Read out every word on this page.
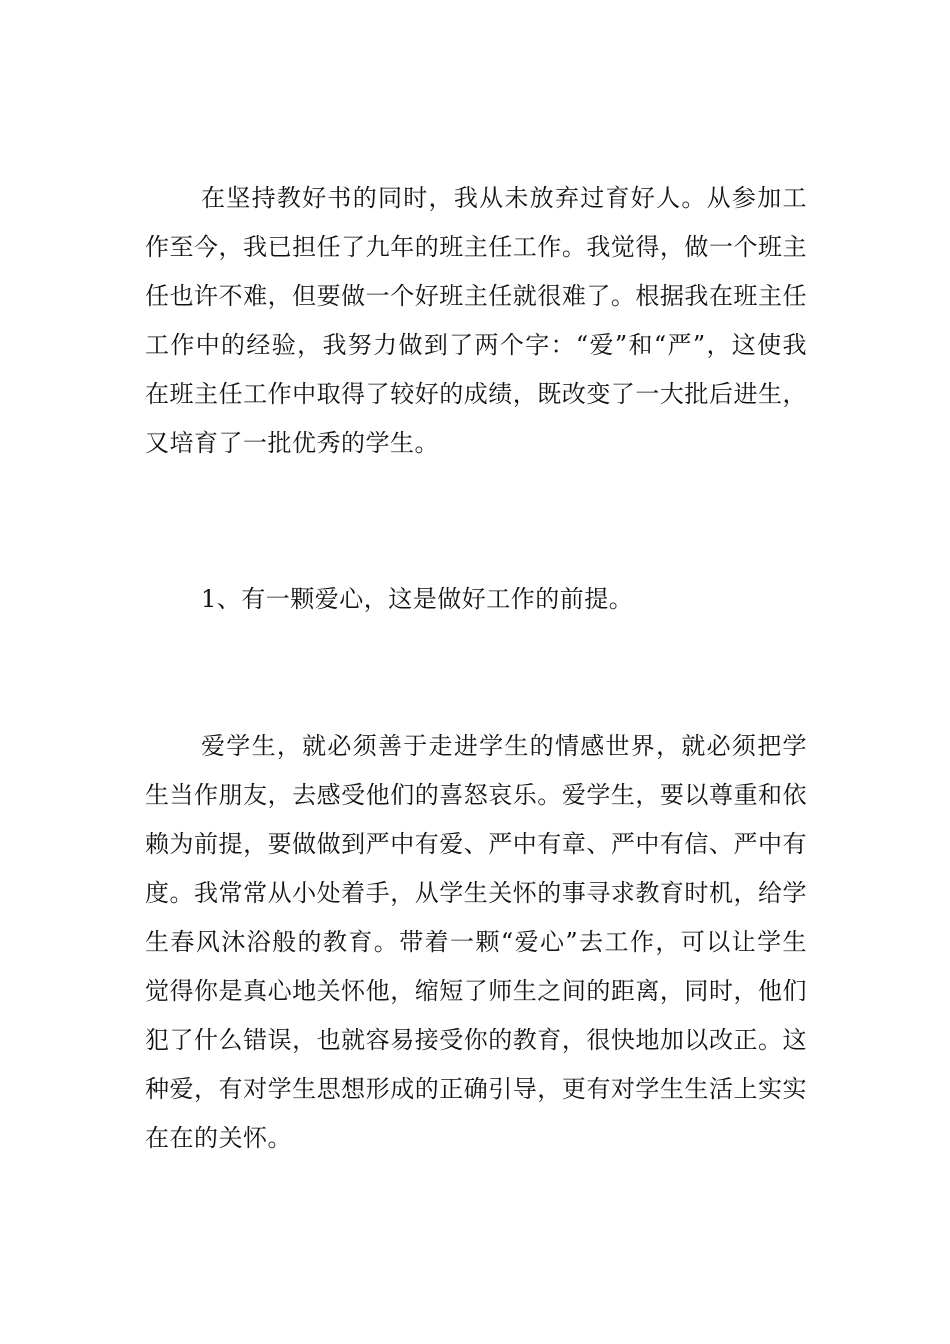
在坚持教好书的同时，我从未放弃过育好人。从参加工作至今，我已担任了九年的班主任工作。我觉得，做一个班主任也许不难，但要做一个好班主任就很难了。根据我在班主任工作中的经验，我努力做到了两个字：“爱”和“严”，这使我在班主任工作中取得了较好的成绩，既改变了一大批后进生，又培育了一批优秀的学生。

1、有一颗爱心，这是做好工作的前提。

爱学生，就必须善于走进学生的情感世界，就必须把学生当作朋友，去感受他们的喜怒哀乐。爱学生，要以尊重和依赖为前提，要做做到严中有爱、严中有章、严中有信、严中有度。我常常从小处着手，从学生关怀的事寻求教育时机，给学生春风沐浴般的教育。带着一颗“爱心”去工作，可以让学生觉得你是真心地关怀他，缩短了师生之间的距离，同时，他们犯了什么错误，也就容易接受你的教育，很快地加以改正。这种爱，有对学生思想形成的正确引导，更有对学生生活上实实在在的关怀。
